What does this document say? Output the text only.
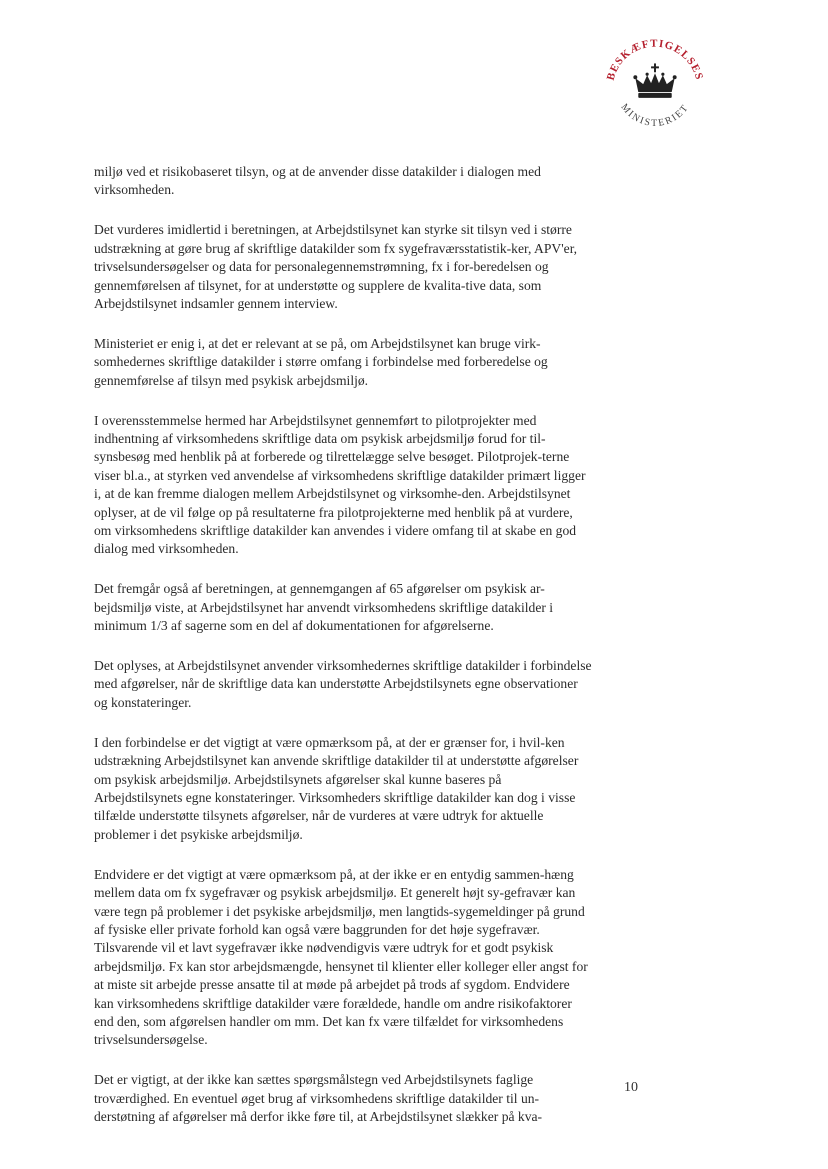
BESKÆFTIGELSES
MINISTERIET

miljø ved et risikobaseret tilsyn, og at de anvender disse datakilder i dialogen med virksomheden.

Det vurderes imidlertid i beretningen, at Arbejdstilsynet kan styrke sit tilsyn ved i større udstrækning at gøre brug af skriftlige datakilder som fx sygefraværsstatistik-ker, APV'er, trivselsundersøgelser og data for personalegennemstrømning, fx i for-beredelsen og gennemførelsen af tilsynet, for at understøtte og supplere de kvalita-tive data, som Arbejdstilsynet indsamler gennem interview.

Ministeriet er enig i, at det er relevant at se på, om Arbejdstilsynet kan bruge virk-somhedernes skriftlige datakilder i større omfang i forbindelse med forberedelse og gennemførelse af tilsyn med psykisk arbejdsmiljø.

I overensstemmelse hermed har Arbejdstilsynet gennemført to pilotprojekter med indhentning af virksomhedens skriftlige data om psykisk arbejdsmiljø forud for til-synsbesøg med henblik på at forberede og tilrettelægge selve besøget. Pilotprojek-terne viser bl.a., at styrken ved anvendelse af virksomhedens skriftlige datakilder primært ligger i, at de kan fremme dialogen mellem Arbejdstilsynet og virksomhe-den. Arbejdstilsynet oplyser, at de vil følge op på resultaterne fra pilotprojekterne med henblik på at vurdere, om virksomhedens skriftlige datakilder kan anvendes i videre omfang til at skabe en god dialog med virksomheden.

Det fremgår også af beretningen, at gennemgangen af 65 afgørelser om psykisk ar-bejdsmiljø viste, at Arbejdstilsynet har anvendt virksomhedens skriftlige datakilder i minimum 1/3 af sagerne som en del af dokumentationen for afgørelserne.

Det oplyses, at Arbejdstilsynet anvender virksomhedernes skriftlige datakilder i forbindelse med afgørelser, når de skriftlige data kan understøtte Arbejdstilsynets egne observationer og konstateringer.

I den forbindelse er det vigtigt at være opmærksom på, at der er grænser for, i hvil-ken udstrækning Arbejdstilsynet kan anvende skriftlige datakilder til at understøtte afgørelser om psykisk arbejdsmiljø. Arbejdstilsynets afgørelser skal kunne baseres på Arbejdstilsynets egne konstateringer. Virksomheders skriftlige datakilder kan dog i visse tilfælde understøtte tilsynets afgørelser, når de vurderes at være udtryk for aktuelle problemer i det psykiske arbejdsmiljø.

Endvidere er det vigtigt at være opmærksom på, at der ikke er en entydig sammen-hæng mellem data om fx sygefravær og psykisk arbejdsmiljø. Et generelt højt sy-gefravær kan være tegn på problemer i det psykiske arbejdsmiljø, men langtids-sygemeldinger på grund af fysiske eller private forhold kan også være baggrunden for det høje sygefravær. Tilsvarende vil et lavt sygefravær ikke nødvendigvis være udtryk for et godt psykisk arbejdsmiljø. Fx kan stor arbejdsmængde, hensynet til klienter eller kolleger eller angst for at miste sit arbejde presse ansatte til at møde på arbejdet på trods af sygdom. Endvidere kan virksomhedens skriftlige datakilder være forældede, handle om andre risikofaktorer end den, som afgørelsen handler om mm. Det kan fx være tilfældet for virksomhedens trivselsundersøgelse.

Det er vigtigt, at der ikke kan sættes spørgsmålstegn ved Arbejdstilsynets faglige troværdighed. En eventuel øget brug af virksomhedens skriftlige datakilder til un-derstøtning af afgørelser må derfor ikke føre til, at Arbejdstilsynet slækker på kva-

10
